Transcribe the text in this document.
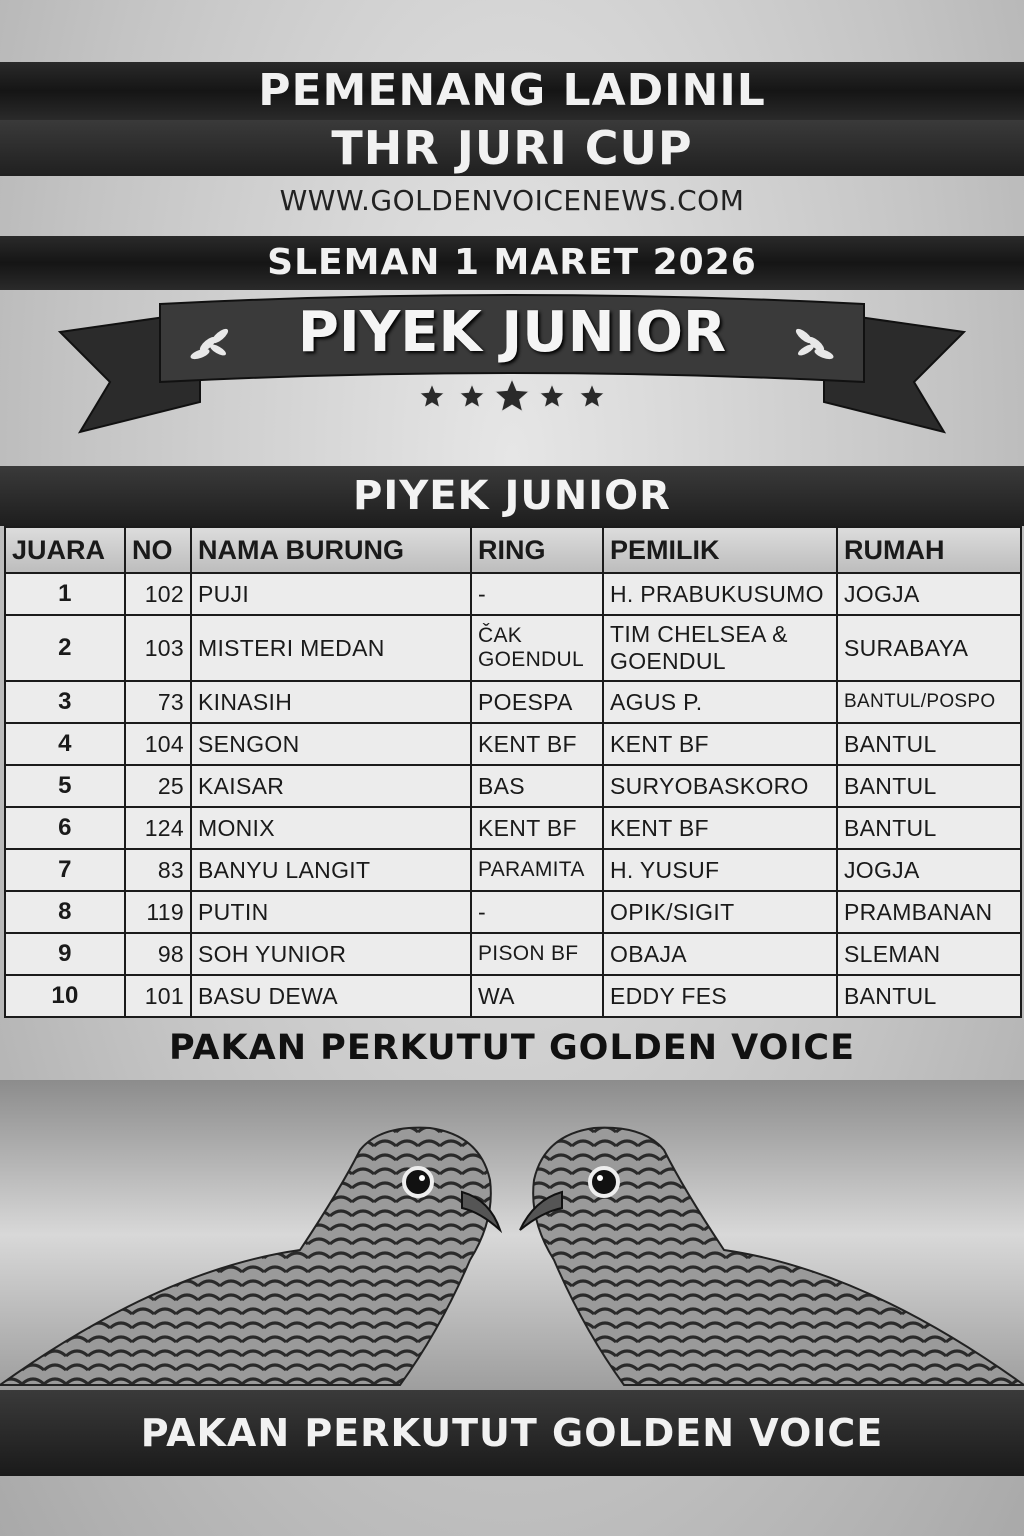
PEMENANG LADINIL
THR JURI CUP
WWW.GOLDENVOICENEWS.COM
SLEMAN 1 MARET 2026
PIYEK JUNIOR
PIYEK JUNIOR
JUARA	NO	NAMA BURUNG	RING	PEMILIK	RUMAH
1	102	PUJI	-	H. PRABUKUSUMO	JOGJA
2	103	MISTERI MEDAN	ČAK GOENDUL	TIM CHELSEA & GOENDUL	SURABAYA
3	73	KINASIH	POESPA	AGUS P.	BANTUL/POSPO
4	104	SENGON	KENT BF	KENT BF	BANTUL
5	25	KAISAR	BAS	SURYOBASKORO	BANTUL
6	124	MONIX	KENT BF	KENT BF	BANTUL
7	83	BANYU LANGIT	PARAMITA	H. YUSUF	JOGJA
8	119	PUTIN	-	OPIK/SIGIT	PRAMBANAN
9	98	SOH YUNIOR	PISON BF	OBAJA	SLEMAN
10	101	BASU DEWA	WA	EDDY FES	BANTUL
PAKAN PERKUTUT GOLDEN VOICE
PAKAN PERKUTUT GOLDEN VOICE
